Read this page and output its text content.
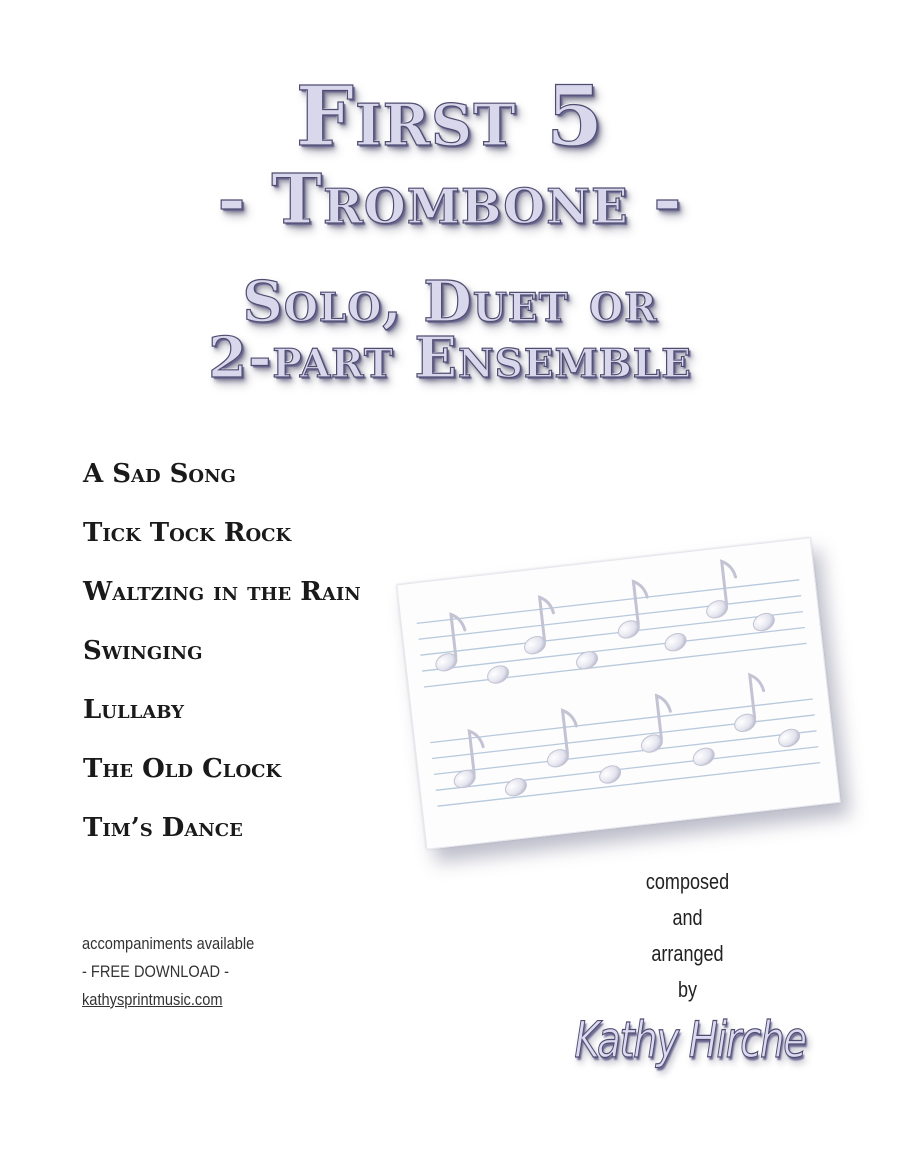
First 5
- Trombone -
Solo, Duet or
2-part Ensemble
A Sad Song
Tick Tock Rock
Waltzing in the Rain
Swinging
Lullaby
The Old Clock
Tim’s Dance
composed
and
arranged
by
Kathy Hirche
accompaniments available
- FREE DOWNLOAD -
kathysprintmusic.com
